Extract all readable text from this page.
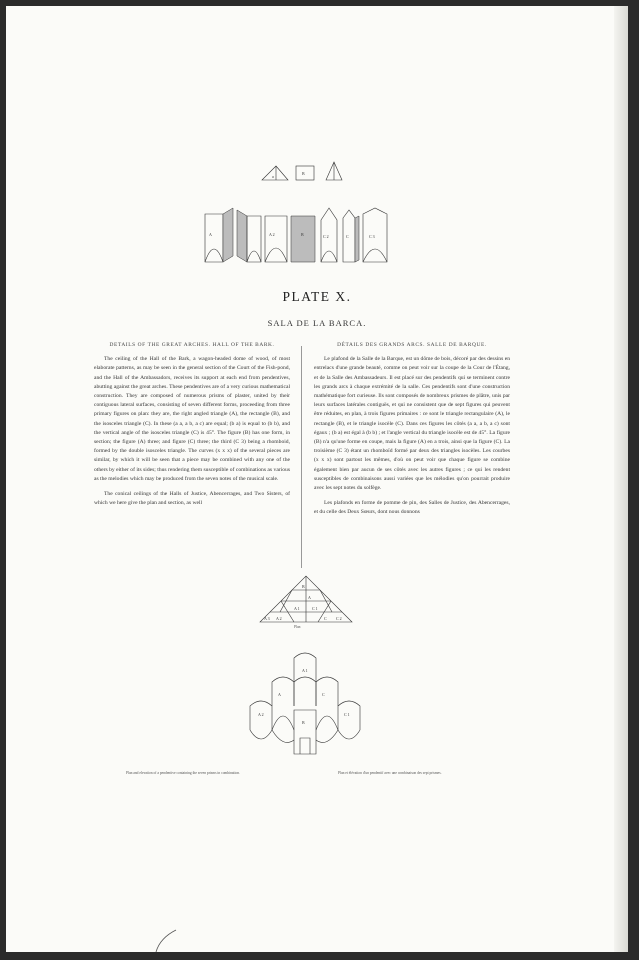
a
B
A	A 2	B	C 2	C	C 3
PLATE X.
SALA DE LA BARCA.
DETAILS OF THE GREAT ARCHES. HALL OF THE BARK.

The ceiling of the Hall of the Bark, a wagon-headed dome of wood, of most elaborate patterns, as may be seen in the general section of the Court of the Fish-pond, and the Hall of the Ambassadors, receives its support at each end from pendentives, abutting against the great arches. These pendentives are of a very curious mathematical construction. They are composed of numerous prisms of plaster, united by their contiguous lateral surfaces, consisting of seven different forms, proceeding from three primary figures on plan: they are, the right angled triangle (A), the rectangle (B), and the isosceles triangle (C). In these (a a, a b, a c) are equal; (b a) is equal to (b b), and the vertical angle of the isosceles triangle (C) is 45°. The figure (B) has one form, in section; the figure (A) three; and figure (C) three; the third (C 3) being a rhomboid, formed by the double isosceles triangle. The curves (x x x) of the several pieces are similar, by which it will be seen that a piece may be combined with any one of the others by either of its sides; thus rendering them susceptible of combinations as various as the melodies which may be produced from the seven notes of the musical scale.

The conical ceilings of the Halls of Justice, Abencerrages, and Two Sisters, of which we here give the plan and section, as well

DÉTAILS DES GRANDS ARCS. SALLE DE BARQUE.

Le plafond de la Salle de la Barque, est un dôme de bois, décoré par des dessins en entrelacs d'une grande beauté, comme on peut voir sur la coupe de la Cour de l'Étang, et de la Salle des Ambassadeurs. Il est placé sur des pendentifs qui se terminent contre les grands arcs à chaque extrémité de la salle. Ces pendentifs sont d'une construction mathématique fort curieuse. Ils sont composés de nombreux prismes de plâtre, unis par leurs surfaces latérales contiguës, et qui ne consistent que de sept figures qui peuvent être réduites, en plan, à trois figures primaires : ce sont le triangle rectangulaire (A), le rectangle (B), et le triangle isocèle (C). Dans ces figures les côtés (a a, a b, a c) sont égaux ; (b a) est égal à (b b) ; et l'angle vertical du triangle isocèle est de 45°. La figure (B) n'a qu'une forme en coupe, mais la figure (A) en a trois, ainsi que la figure (C). La troisième (C 3) étant un rhomboïd formé par deux des triangles isocèles. Les courbes (x x x) sont partout les mêmes, d'où on peut voir que chaque figure se combine également bien par aucun de ses côtés avec les autres figures ; ce qui les rendent susceptibles de combinaisons aussi variées que les mélodies qu'on pourrait produire avec les sept notes du solfège.

Les plafonds en forme de pomme de pin, des Salles de Justice, des Abencerrages, et du celle des Deux Sœurs, dont nous donnons

A 3 A 2
A 1
A
C 1
C C 2
B
Plan
A 1
A 2
A	C
C 1
B
Plan and elevation of a pendentive containing the seven prisms in combination.	Plan et élévation d'un pendentif avec une combinaison des sept prismes.
